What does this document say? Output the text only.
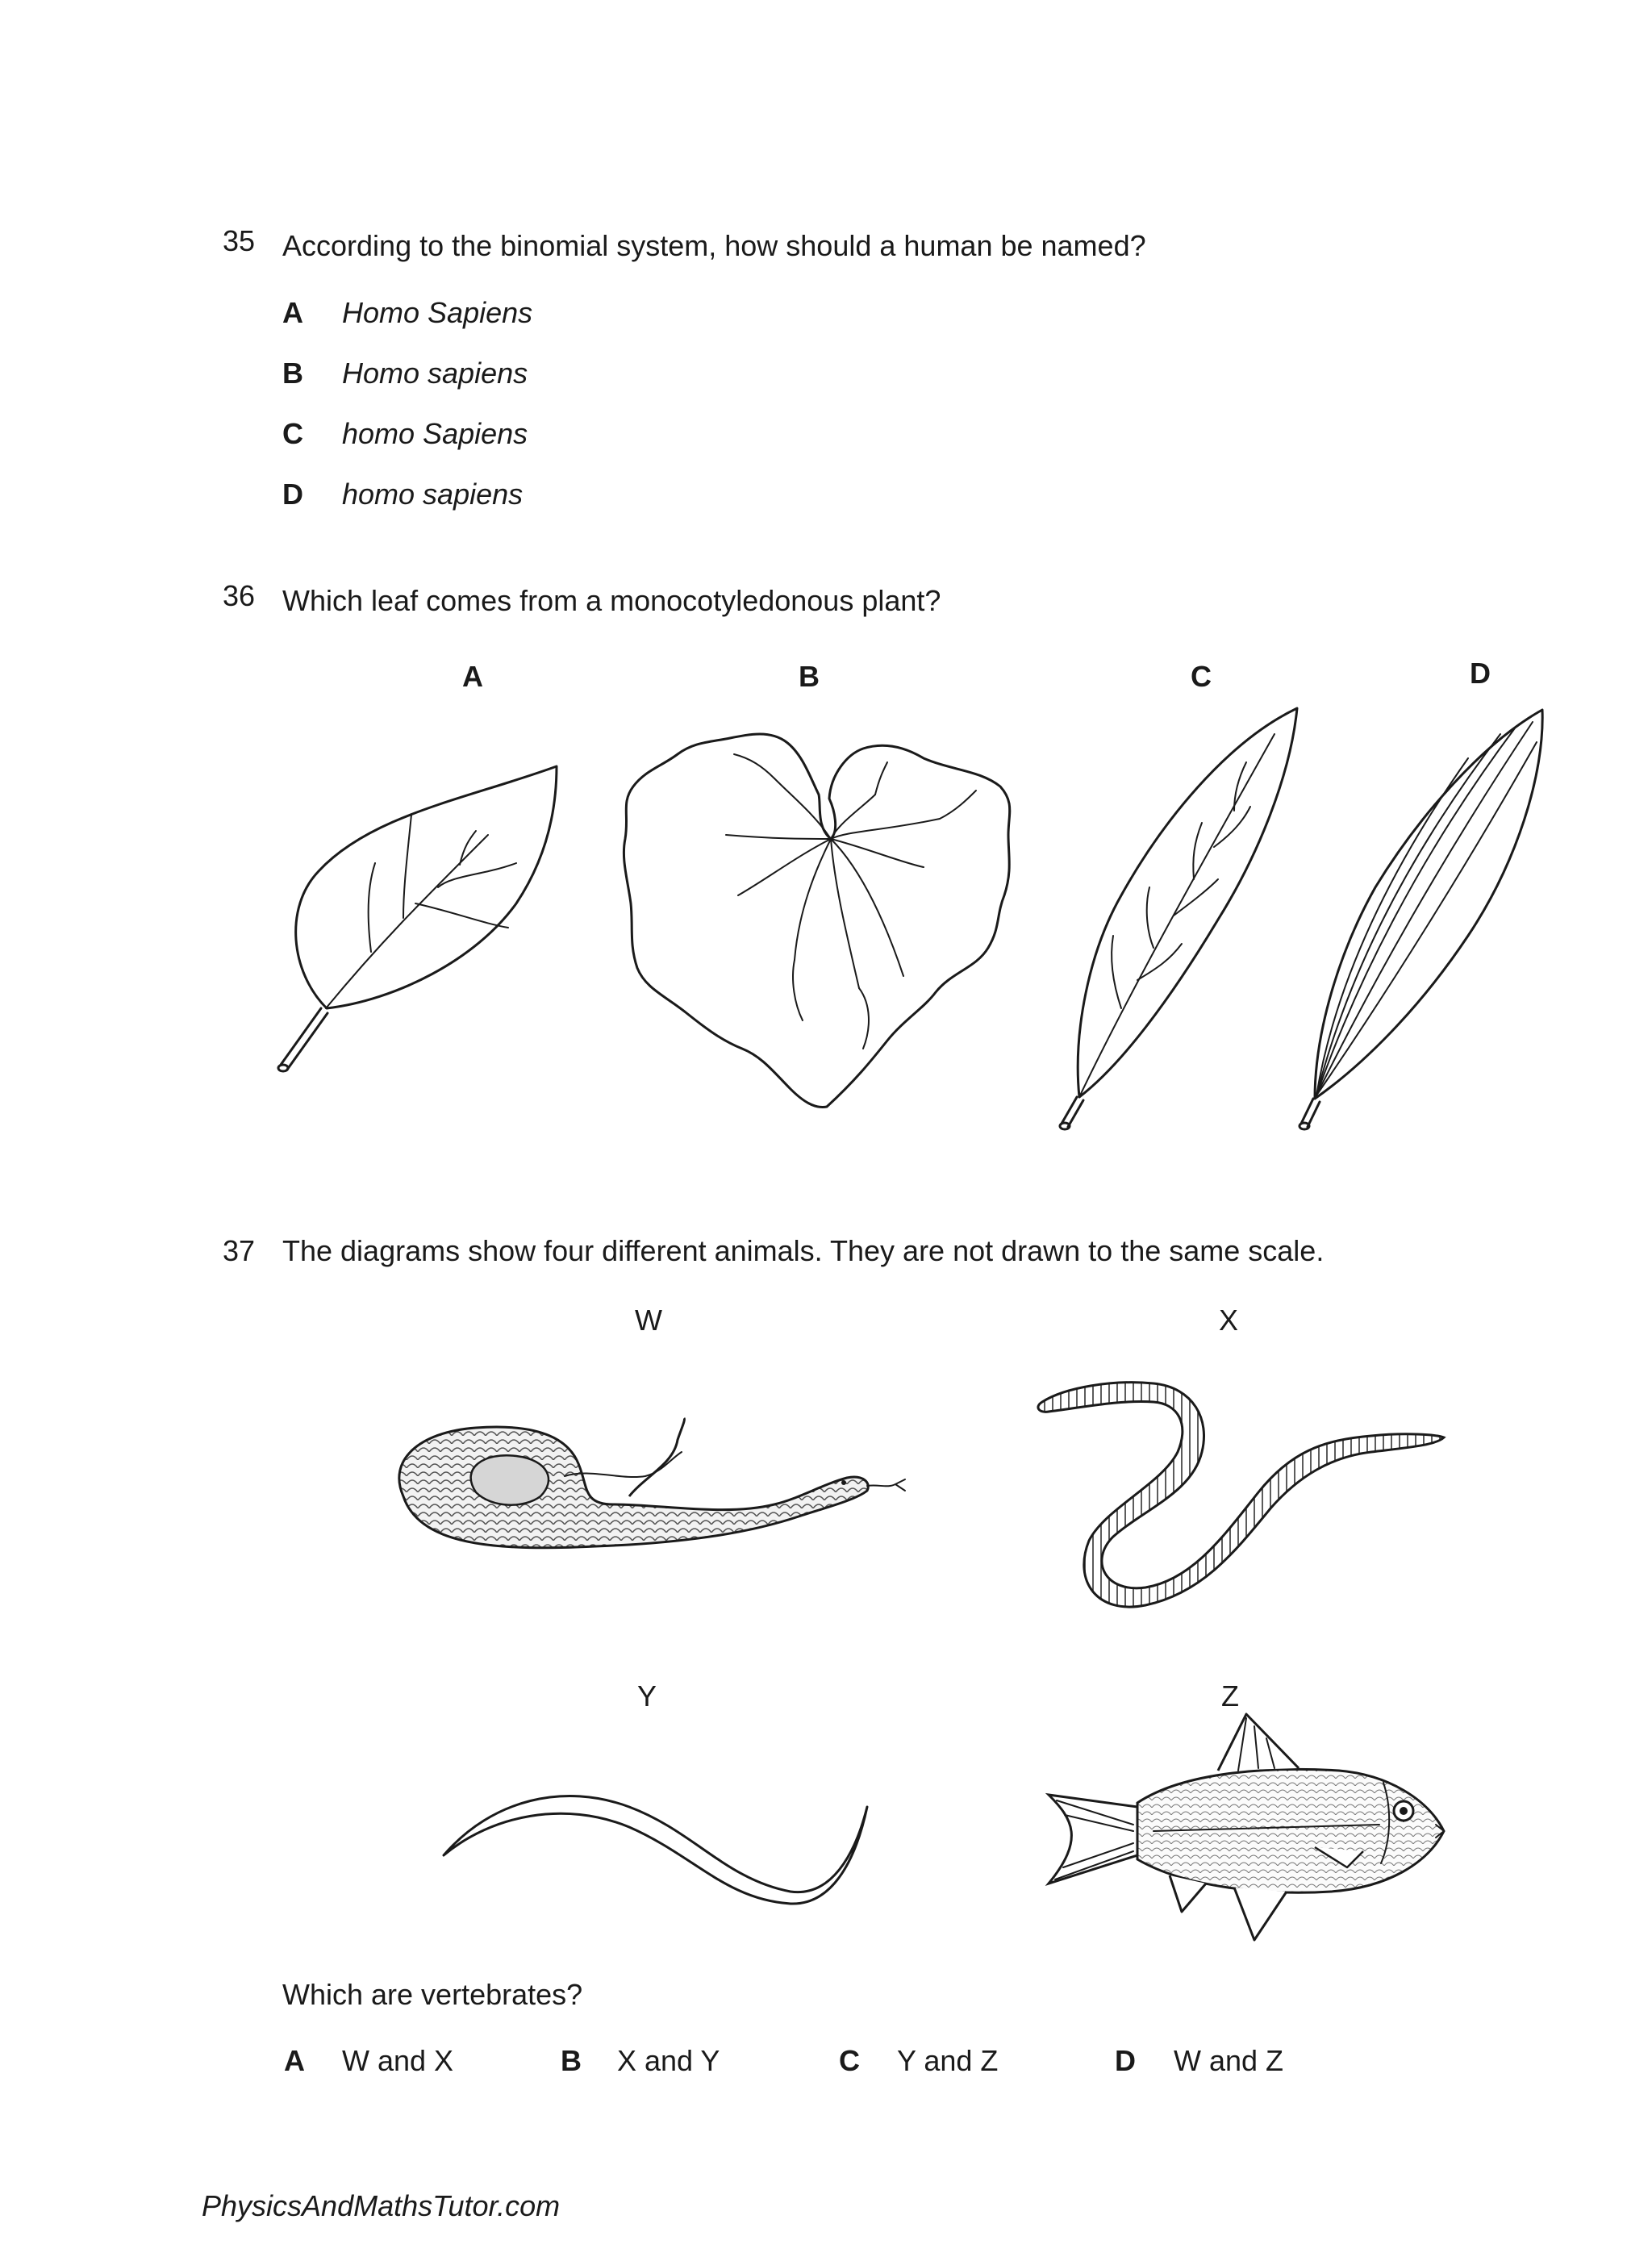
35 According to the binomial system, how should a human be named?
A Homo Sapiens
B Homo sapiens
C homo Sapiens
D homo sapiens
36 Which leaf comes from a monocotyledonous plant?
A	B	C	D
37 The diagrams show four different animals. They are not drawn to the same scale.
W	X
Y	Z
Which are vertebrates?
A W and X	B X and Y	C Y and Z	D W and Z
PhysicsAndMathsTutor.com
